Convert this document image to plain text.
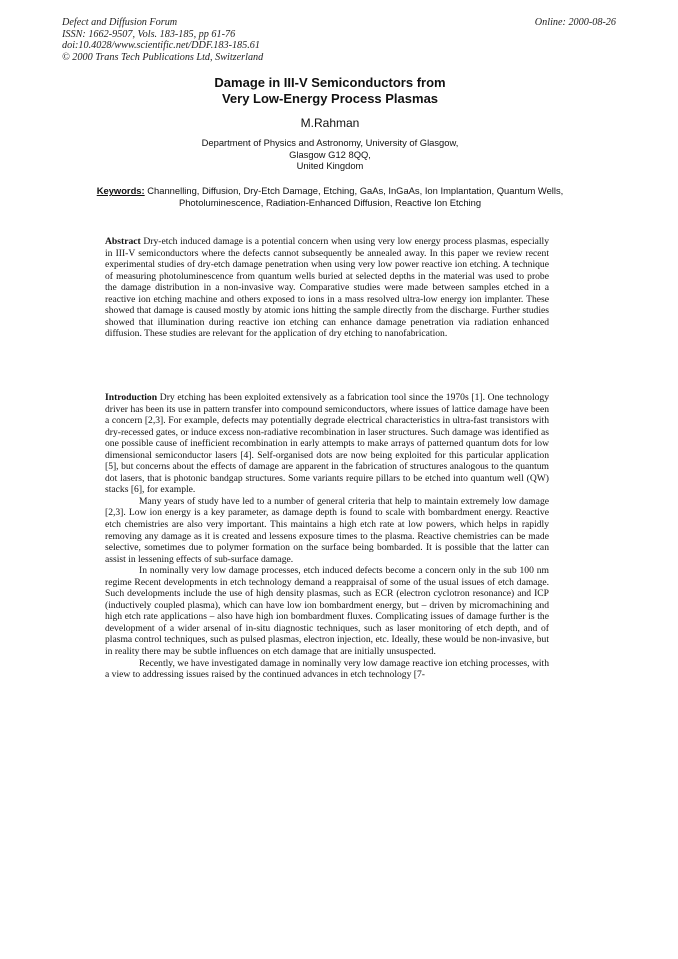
Defect and Diffusion Forum
ISSN: 1662-9507, Vols. 183-185, pp 61-76
doi:10.4028/www.scientific.net/DDF.183-185.61
© 2000 Trans Tech Publications Ltd, Switzerland
Online: 2000-08-26
Damage in III-V Semiconductors from
Very Low-Energy Process Plasmas
M.Rahman
Department of Physics and Astronomy, University of Glasgow,
Glasgow G12 8QQ,
United Kingdom
Keywords: Channelling, Diffusion, Dry-Etch Damage, Etching, GaAs, InGaAs, Ion Implantation, Quantum Wells, Photoluminescence, Radiation-Enhanced Diffusion, Reactive Ion Etching

Abstract Dry-etch induced damage is a potential concern when using very low energy process plasmas, especially in III-V semiconductors where the defects cannot subsequently be annealed away. In this paper we review recent experimental studies of dry-etch damage penetration when using very low power reactive ion etching. A technique of measuring photoluminescence from quantum wells buried at selected depths in the material was used to probe the damage distribution in a non-invasive way. Comparative studies were made between samples etched in a reactive ion etching machine and others exposed to ions in a mass resolved ultra-low energy ion implanter. These showed that damage is caused mostly by atomic ions hitting the sample directly from the discharge. Further studies showed that illumination during reactive ion etching can enhance damage penetration via radiation enhanced diffusion. These studies are relevant for the application of dry etching to nanofabrication.

Introduction Dry etching has been exploited extensively as a fabrication tool since the 1970s [1]. One technology driver has been its use in pattern transfer into compound semiconductors, where issues of lattice damage have been a concern [2,3]. For example, defects may potentially degrade electrical characteristics in ultra-fast transistors with dry-recessed gates, or induce excess non-radiative recombination in laser structures. Such damage was identified as one possible cause of inefficient recombination in early attempts to make arrays of patterned quantum dots for low dimensional semiconductor lasers [4]. Self-organised dots are now being exploited for this particular application [5], but concerns about the effects of damage are apparent in the fabrication of structures analogous to the quantum dot lasers, that is photonic bandgap structures. Some variants require pillars to be etched into quantum well (QW) stacks [6], for example.

Many years of study have led to a number of general criteria that help to maintain extremely low damage [2,3]. Low ion energy is a key parameter, as damage depth is found to scale with bombardment energy. Reactive etch chemistries are also very important. This maintains a high etch rate at low powers, which helps in rapidly removing any damage as it is created and lessens exposure times to the plasma. Reactive chemistries can be made selective, sometimes due to polymer formation on the surface being bombarded. It is possible that the latter can assist in lessening effects of sub-surface damage.

In nominally very low damage processes, etch induced defects become a concern only in the sub 100 nm regime Recent developments in etch technology demand a reappraisal of some of the usual issues of etch damage. Such developments include the use of high density plasmas, such as ECR (electron cyclotron resonance) and ICP (inductively coupled plasma), which can have low ion bombardment energy, but – driven by micromachining and high etch rate applications – also have high ion bombardment fluxes. Complicating issues of damage further is the development of a wider arsenal of in-situ diagnostic techniques, such as laser monitoring of etch depth, and of plasma control techniques, such as pulsed plasmas, electron injection, etc. Ideally, these would be non-invasive, but in reality there may be subtle influences on etch damage that are initially unsuspected.

Recently, we have investigated damage in nominally very low damage reactive ion etching processes, with a view to addressing issues raised by the continued advances in etch technology [7-
